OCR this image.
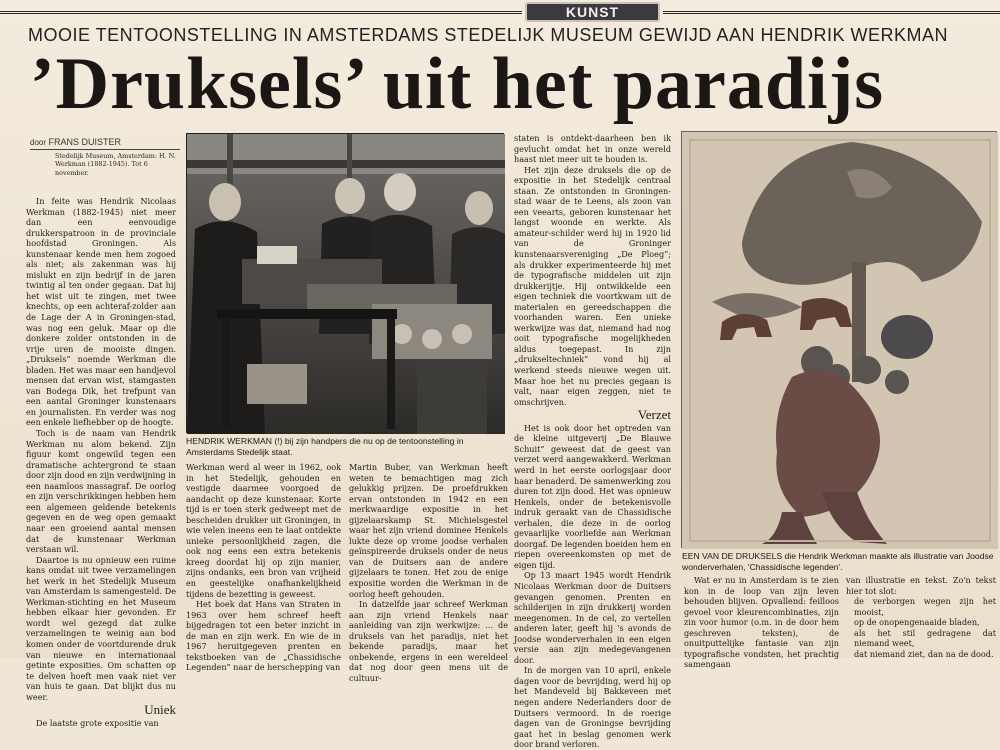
KUNST
MOOIE TENTOONSTELLING IN AMSTERDAMS STEDELIJK MUSEUM GEWIJD AAN HENDRIK WERKMAN
’Druksels’ uit het paradijs
door FRANS DUISTER
Stedelijk Museum, Amsterdam: H. N. Werkman (1882-1945). Tot 6 november.

In feite was Hendrik Nicolaas Werkman (1882-1945) niet meer dan een eenvoudige drukkerspatroon in de provinciale hoofdstad Groningen. Als kunstenaar kende men hem zogoed als niet; als zakenman was hij mislukt en zijn bedrijf in de jaren twintig al ten onder gegaan. Dat hij het wist uit te zingen, met twee knechts, op een achteraf-zolder aan de Lage der A in Groningen-stad, was nog een geluk. Maar op die donkere zolder ontstonden in de vrije uren de mooiste dingen. „Druksels” noemde Werkman die bladen. Het was maar een handjevol mensen dat ervan wist, stamgasten van Bodega Dik, het trefpunt van een aantal Groninger kunstenaars en journalisten. En verder was nog een enkele liefhebber op de hoogte.

Toch is de naam van Hendrik Werkman nu alom bekend. Zijn figuur komt ongewild tegen een dramatische achtergrond te staan door zijn dood en zijn verdwijning in een naamloos massagraf. De oorlog en zijn verschrikkingen hebben hem een algemeen geldende betekenis gegeven en de weg open gemaakt naar een groeiend aantal mensen dat de kunstenaar Werkman verstaan wil.

Daartoe is nu opnieuw een ruime kans omdat uit twee verzamelingen het werk in het Stedelijk Museum van Amsterdam is samengesteld. De Werkman-stichting en het Museum hebben elkaar hier gevonden. Er wordt wel gezegd dat zulke verzamelingen te weinig aan bod komen onder de voortdurende druk van nieuwe en internationaal getinte exposities. Om schatten op te delven hoeft men vaak niet ver van huis te gaan. Dat blijkt dus nu weer.

Uniek

De laatste grote expositie van

HENDRIK WERKMAN (!) bij zijn handpers die nu op de tentoonstelling in Amsterdams Stedelijk staat.

Werkman werd al weer in 1962, ook in het Stedelijk, gehouden en vestigde daarmee voorgoed de aandacht op deze kunstenaar. Korte tijd is er toen sterk gedweept met de bescheiden drukker uit Groningen, in wie velen ineens een te laat ontdekte unieke persoonlijkheid zagen, die ook nog eens een extra betekenis kreeg doordat hij op zijn manier, zijns ondanks, een bron van vrijheid en geestelijke onafhankelijkheid tijdens de bezetting is geweest.

Het boek dat Hans van Straten in 1963 over hem schreef heeft bijgedragen tot een beter inzicht in de man en zijn werk. En wie de in 1967 heruitgegeven prenten en tekstboeken van de „Chassidische Legenden” naar de herschepping van

Martin Buber, van Werkman heeft weten te bemachtigen mag zich gelukkig prijzen. De proefdrukken ervan ontstonden in 1942 en een merkwaardige expositie in het gijzelaarskamp St. Michielsgestel waar het zijn vriend dominee Henkels lukte deze op vrome joodse verhalen geïnspireerde druksels onder de neus van de Duitsers aan de andere gijzelaars te tonen. Het zou de enige expositie worden die Werkman in de oorlog heeft gehouden.

In datzelfde jaar schreef Werkman aan zijn vriend Henkels naar aanleiding van zijn werkwijze: ... de druksels van het paradijs, niet het bekende paradijs, maar het onbekende, ergens in een wereldeel dat nog door geen mens uit de cultuur-

staten is ontdekt-daarheen ben ik gevlucht omdat het in onze wereld haast niet meer uit te houden is.

Het zijn deze druksels die op de expositie in het Stedelijk centraal staan. Ze ontstonden in Groningen-stad waar de te Leens, als zoon van een veearts, geboren kunstenaar het langst woonde en werkte. Als amateur-schilder werd hij in 1920 lid van de Groninger kunstenaarsvereniging „De Ploeg”; als drukker experimenteerde hij met de typografische middelen uit zijn drukkerijtje. Hij ontwikkelde een eigen techniek die voortkwam uit de materialen en gereedschappen die voorhanden waren. Een unieke werkwijze was dat, niemand had nog ooit typografische mogelijkheden aldus toegepast. In zijn „drukseltechniek” vond hij al werkend steeds nieuwe wegen uit. Maar hoe het nu precies gegaan is valt, naar eigen zeggen, niet te omschrijven.

Verzet

Het is ook door het optreden van de kleine uitgeverij „De Blauwe Schuit” geweest dat de geest van verzet werd aangewakkerd. Werkman werd in het eerste oorlogsjaar door haar benaderd. De samenwerking zou duren tot zijn dood. Het was opnieuw Henkels, onder de betekenisvolle indruk geraakt van de Chassidische verhalen, die deze in de oorlog gevaarlijke voorliefde aan Werkman doorgaf. De legenden boeiden hem en riepen overeenkomsten op met de eigen tijd.

Op 13 maart 1945 wordt Hendrik Nicolaas Werkman door de Duitsers gevangen genomen. Prenten en schilderijen in zijn drukkerij worden meegenomen. In de cel, zo vertellen anderen later, geeft hij 's avonds de Joodse wonderverhalen in een eigen versie aan zijn medegevangenen door.

In de morgen van 10 april, enkele dagen voor de bevrijding, werd hij op het Mandeveld bij Bakkeveen met negen andere Nederlanders door de Duitsers vermoord. In de roerige dagen van de Groningse bevrijding gaat het in beslag genomen werk door brand verloren.

EEN VAN DE DRUKSELS die Hendrik Werkman maakte als illustratie van Joodse wonderverhalen, 'Chassidische legenden'.

Wat er nu in Amsterdam is te zien kon in de loop van zijn leven behouden blijven. Opvallend: feilloos gevoel voor kleurencombinaties, zijn zin voor humor (o.m. in de door hem geschreven teksten), de onuitputtelijke fantasie van zijn typografische vondsten, het prachtig samengaan

van illustratie en tekst. Zo'n tekst hier tot slot:

de verborgen wegen zijn het mooist,

op de onopengenaaide bladen,

als het stil gedragene dat niemand weet,

dat niemand ziet, dan na de dood.
